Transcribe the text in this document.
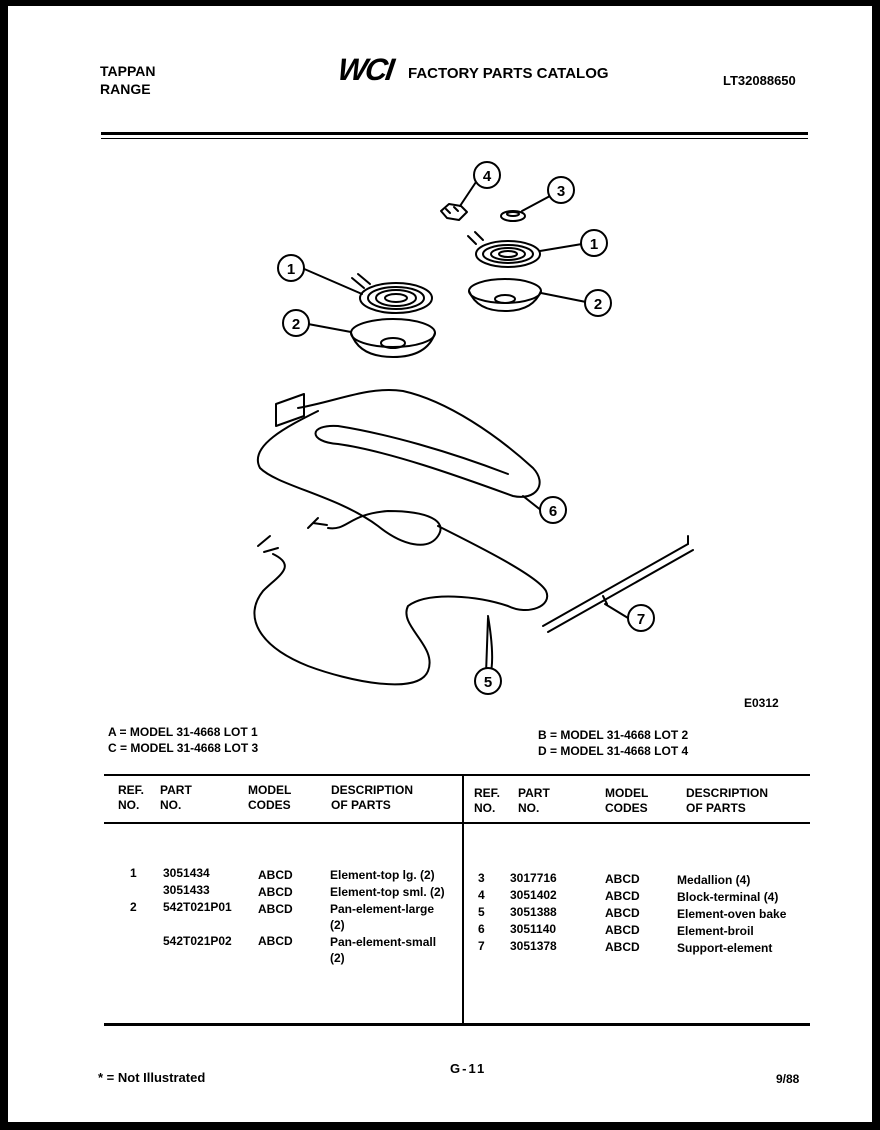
TAPPAN
RANGE
WCI FACTORY PARTS CATALOG	LT32088650
4
3
1
1
2
2
6
7
5
E0312
A = MODEL 31-4668 LOT 1
C = MODEL 31-4668 LOT 3
B = MODEL 31-4668 LOT 2
D = MODEL 31-4668 LOT 4
REF.
NO.
PART
NO.
MODEL
CODES
DESCRIPTION
OF PARTS
REF.
NO.
PART
NO.
MODEL
CODES
DESCRIPTION
OF PARTS
1 3051434	ABCD	Element-top lg. (2)
3051433	ABCD	Element-top sml. (2)
2 542T021P01 ABCD	Pan-element-large
(2)
542T021P02 ABCD	Pan-element-small
(2)
3 3017716	ABCD	Medallion (4)
4 3051402	ABCD	Block-terminal (4)
5 3051388	ABCD	Element-oven bake
6 3051140	ABCD	Element-broil
7 3051378	ABCD	Support-element
* = Not Illustrated
G-11
9/88
